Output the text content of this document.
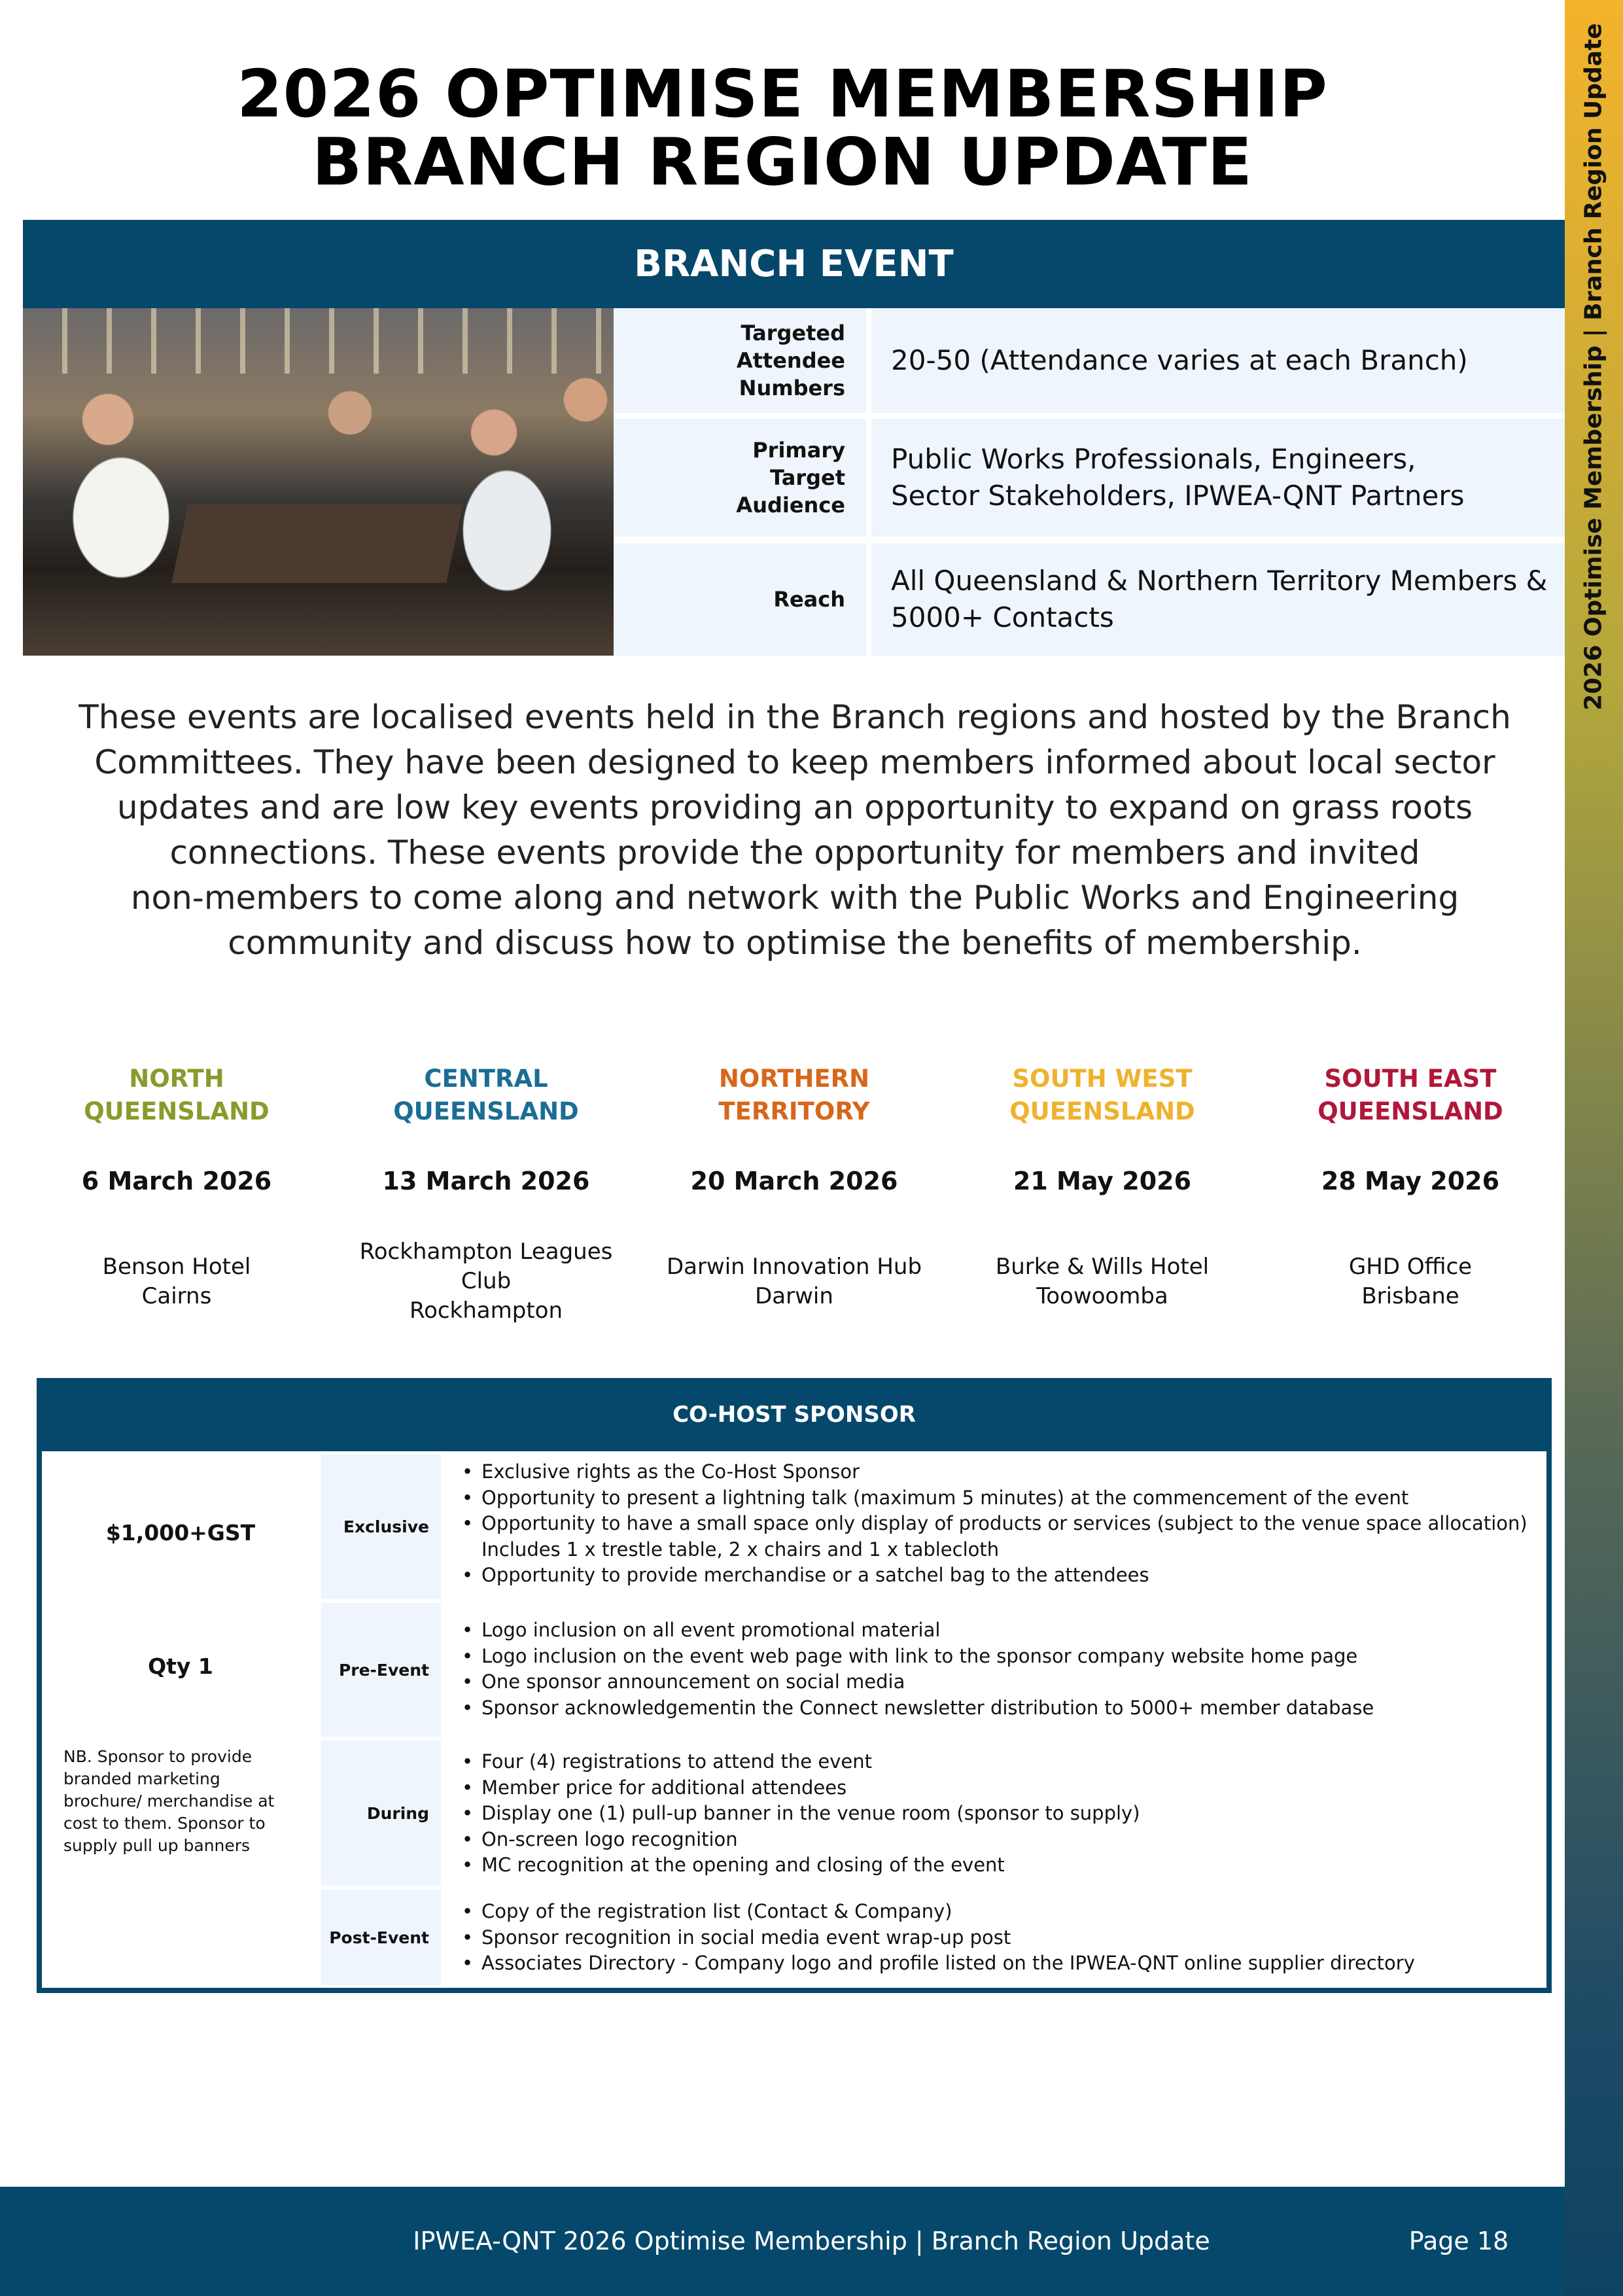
2026 Optimise Membership | Branch Region Update
2026 OPTIMISE MEMBERSHIP
BRANCH REGION UPDATE
BRANCH EVENT
Targeted Attendee Numbers
20-50 (Attendance varies at each Branch)
Primary Target Audience
Public Works Professionals, Engineers,
Sector Stakeholders, IPWEA-QNT Partners
Reach
All Queensland & Northern Territory Members &
5000+ Contacts
These events are localised events held in the Branch regions and hosted by the Branch
Committees. They have been designed to keep members informed about local sector
updates and are low key events providing an opportunity to expand on grass roots
connections. These events provide the opportunity for members and invited
non-members to come along and network with the Public Works and Engineering
community and discuss how to optimise the benefits of membership.
NORTH
QUEENSLAND
6 March 2026
Benson Hotel
Cairns
CENTRAL
QUEENSLAND
13 March 2026
Rockhampton Leagues
Club
Rockhampton
NORTHERN
TERRITORY
20 March 2026
Darwin Innovation Hub
Darwin
SOUTH WEST
QUEENSLAND
21 May 2026
Burke & Wills Hotel
Toowoomba
SOUTH EAST
QUEENSLAND
28 May 2026
GHD Office
Brisbane
CO-HOST SPONSOR
$1,000+GST
Qty 1
NB. Sponsor to provide branded marketing brochure/ merchandise at cost to them. Sponsor to supply pull up banners
Exclusive
• Exclusive rights as the Co-Host Sponsor
• Opportunity to present a lightning talk (maximum 5 minutes) at the commencement of the event
• Opportunity to have a small space only display of products or services (subject to the venue space allocation) Includes 1 x trestle table, 2 x chairs and 1 x tablecloth
• Opportunity to provide merchandise or a satchel bag to the attendees
Pre-Event
• Logo inclusion on all event promotional material
• Logo inclusion on the event web page with link to the sponsor company website home page
• One sponsor announcement on social media
• Sponsor acknowledgementin the Connect newsletter distribution to 5000+ member database
During
• Four (4) registrations to attend the event
• Member price for additional attendees
• Display one (1) pull-up banner in the venue room (sponsor to supply)
• On-screen logo recognition
• MC recognition at the opening and closing of the event
Post-Event
• Copy of the registration list (Contact & Company)
• Sponsor recognition in social media event wrap-up post
• Associates Directory - Company logo and profile listed on the IPWEA-QNT online supplier directory
IPWEA-QNT 2026 Optimise Membership | Branch Region Update	Page 18
